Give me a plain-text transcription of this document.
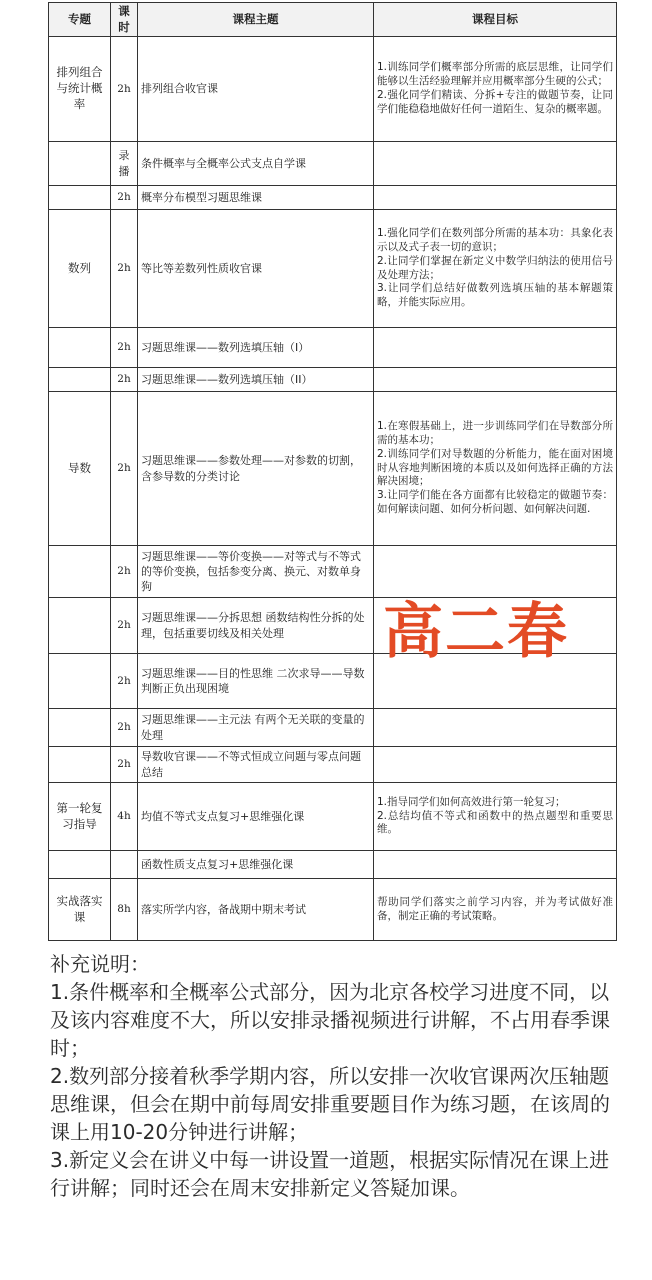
专题	课时	课程主题	课程目标
排列组合与统计概率	2h	排列组合收官课	1.训练同学们概率部分所需的底层思维，让同学们能够以生活经验理解并应用概率部分生硬的公式；
2.强化同学们精读、分拆+专注的做题节奏，让同学们能稳稳地做好任何一道陌生、复杂的概率题。

	录播	条件概率与全概率公式支点自学课	
	2h	概率分布模型习题思维课	
数列	2h	等比等差数列性质收官课	1.强化同学们在数列部分所需的基本功：具象化表示以及式子表一切的意识；
2.让同学们掌握在新定义中数学归纳法的使用信号及处理方法；
3.让同学们总结好做数列选填压轴的基本解题策略，并能实际应用。

	2h	习题思维课——数列选填压轴（I）	
	2h	习题思维课——数列选填压轴（II）	
导数	2h	习题思维课——参数处理——对参数的切割，含参导数的分类讨论	1.在寒假基础上，进一步训练同学们在导数部分所需的基本功；
2.训练同学们对导数题的分析能力，能在面对困境时从容地判断困境的本质以及如何选择正确的方法解决困境；
3.让同学们能在各方面都有比较稳定的做题节奏：如何解读问题、如何分析问题、如何解决问题.

	2h	习题思维课——等价变换——对等式与不等式的等价变换，包括参变分离、换元、对数单身狗	
	2h	习题思维课——分拆思想 函数结构性分拆的处理，包括重要切线及相关处理	
	2h	习题思维课——目的性思维 二次求导——导数判断正负出现困境	
	2h	习题思维课——主元法 有两个无关联的变量的处理	
	2h	导数收官课——不等式恒成立问题与零点问题总结	
第一轮复习指导	4h	均值不等式支点复习+思维强化课	1.指导同学们如何高效进行第一轮复习；
2.总结均值不等式和函数中的热点题型和重要思维。

		函数性质支点复习+思维强化课	
实战落实课	8h	落实所学内容，备战期中期末考试	帮助同学们落实之前学习内容，并为考试做好准备，制定正确的考试策略。
高二春
补充说明：
1.条件概率和全概率公式部分，因为北京各校学习进度不同，以及该内容难度不大，所以安排录播视频进行讲解，不占用春季课时；
2.数列部分接着秋季学期内容，所以安排一次收官课两次压轴题思维课，但会在期中前每周安排重要题目作为练习题，在该周的课上用10-20分钟进行讲解；
3.新定义会在讲义中每一讲设置一道题，根据实际情况在课上进行讲解；同时还会在周末安排新定义答疑加课。
